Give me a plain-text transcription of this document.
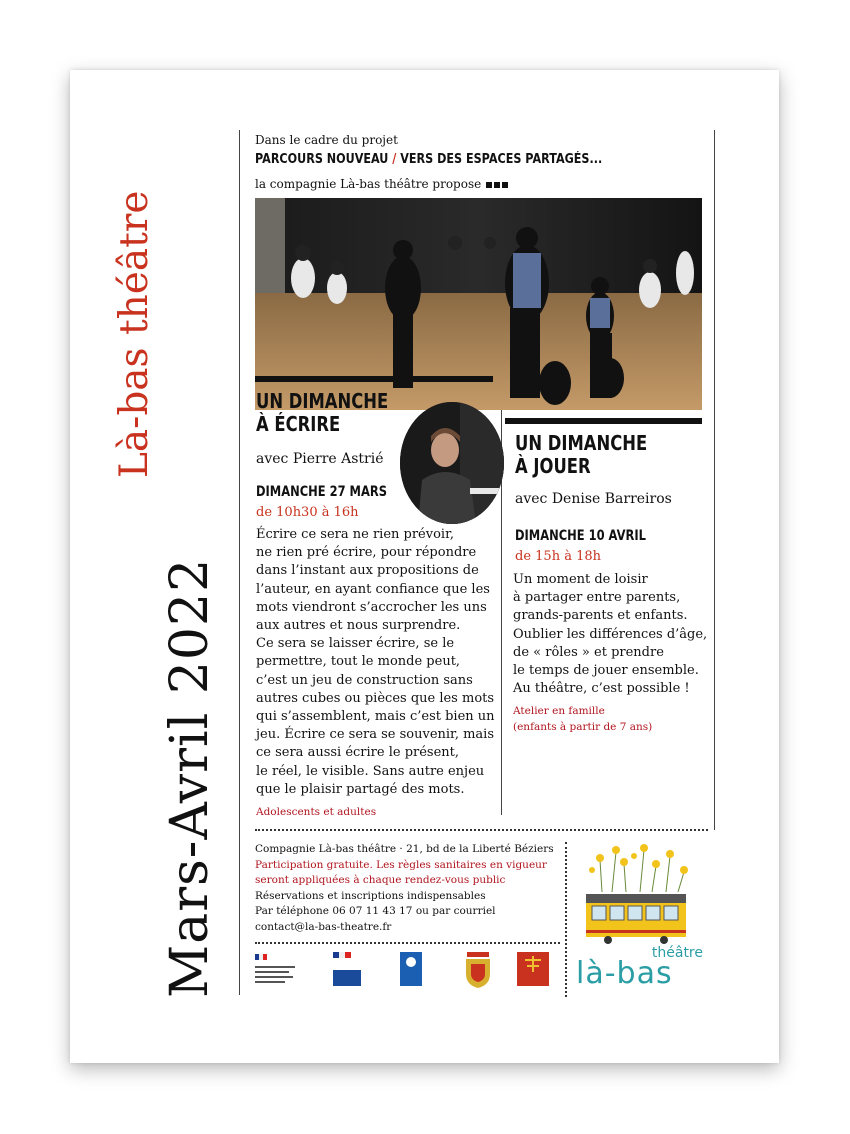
Là-bas théâtre
Mars-Avril 2022
Dans le cadre du projet
PARCOURS NOUVEAU / VERS DES ESPACES PARTAGÉS...
la compagnie Là-bas théâtre propose
UN DIMANCHE
À ÉCRIRE
avec Pierre Astrié
DIMANCHE 27 MARS
de 10h30 à 16h
Écrire ce sera ne rien prévoir,
ne rien pré écrire, pour répondre
dans l’instant aux propositions de
l’auteur, en ayant confiance que les
mots viendront s’accrocher les uns
aux autres et nous surprendre.
Ce sera se laisser écrire, se le
permettre, tout le monde peut,
c’est un jeu de construction sans
autres cubes ou pièces que les mots
qui s’assemblent, mais c’est bien un
jeu. Écrire ce sera se souvenir, mais
ce sera aussi écrire le présent,
le réel, le visible. Sans autre enjeu
que le plaisir partagé des mots.
Adolescents et adultes
UN DIMANCHE
À JOUER
avec Denise Barreiros
DIMANCHE 10 AVRIL
de 15h à 18h
Un moment de loisir
à partager entre parents,
grands-parents et enfants.
Oublier les différences d’âge,
de « rôles » et prendre
le temps de jouer ensemble.
Au théâtre, c’est possible !
Atelier en famille
(enfants à partir de 7 ans)
Compagnie Là-bas théâtre · 21, bd de la Liberté Béziers
Participation gratuite. Les règles sanitaires en vigueur
seront appliquées à chaque rendez-vous public
Réservations et inscriptions indispensables
Par téléphone 06 07 11 43 17 ou par courriel
contact@la-bas-theatre.fr
théâtre
là-bas
